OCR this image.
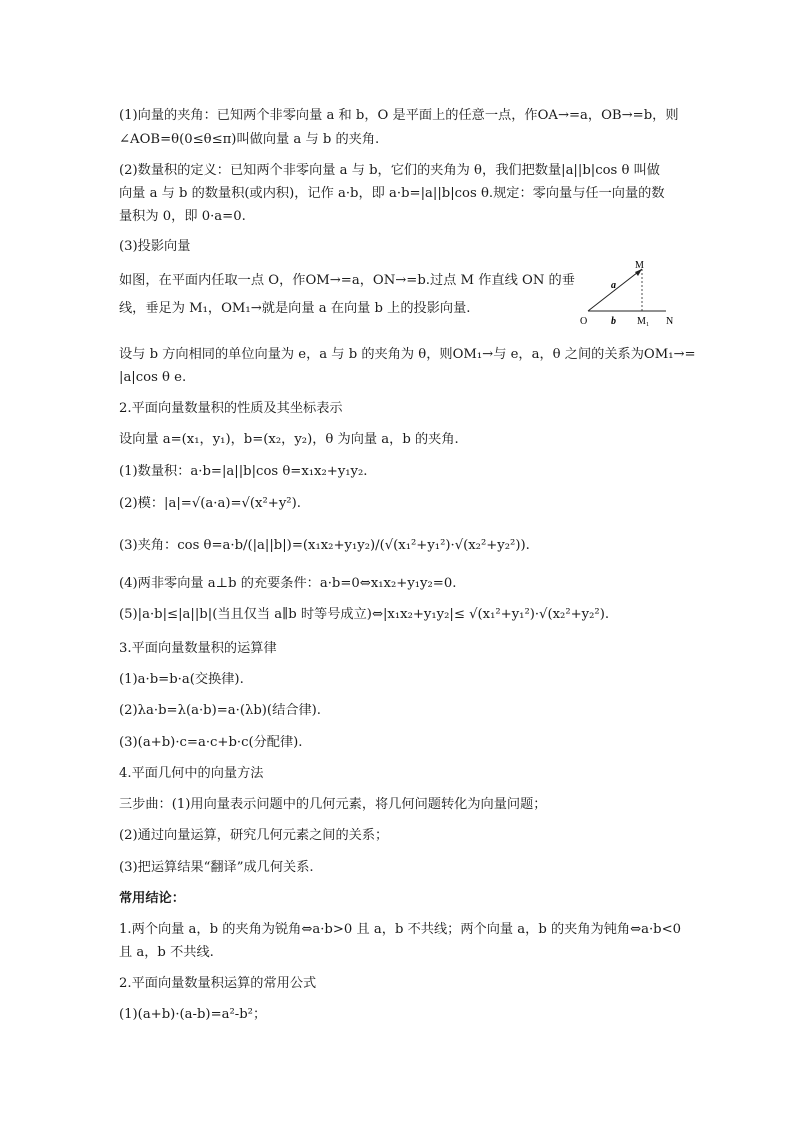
(1)向量的夹角：已知两个非零向量 a 和 b，O 是平面上的任意一点，作OA→=a，OB→=b，则
∠AOB=θ(0≤θ≤π)叫做向量 a 与 b 的夹角.
(2)数量积的定义：已知两个非零向量 a 与 b，它们的夹角为 θ，我们把数量|a||b|cos θ 叫做
向量 a 与 b 的数量积(或内积)，记作 a·b，即 a·b=|a||b|cos θ.规定：零向量与任一向量的数
量积为 0，即 0·a=0.
(3)投影向量
如图，在平面内任取一点 O，作OM→=a，ON→=b.过点 M 作直线 ON 的垂
线，垂足为 M₁，OM₁→就是向量 a 在向量 b 上的投影向量.
M
a
O b M₁ N
设与 b 方向相同的单位向量为 e，a 与 b 的夹角为 θ，则OM₁→与 e，a，θ 之间的关系为OM₁→=
|a|cos θ e.
2.平面向量数量积的性质及其坐标表示
设向量 a=(x₁，y₁)，b=(x₂，y₂)，θ 为向量 a，b 的夹角.
(1)数量积：a·b=|a||b|cos θ=x₁x₂+y₁y₂.
(2)模：|a|=√(a·a)=√(x²+y²).
(3)夹角：cos θ=a·b/(|a||b|)=(x₁x₂+y₁y₂)/(√(x₁²+y₁²)·√(x₂²+y₂²)).
(4)两非零向量 a⊥b 的充要条件：a·b=0⇔x₁x₂+y₁y₂=0.
(5)|a·b|≤|a||b|(当且仅当 a∥b 时等号成立)⇔|x₁x₂+y₁y₂|≤ √(x₁²+y₁²)·√(x₂²+y₂²).
3.平面向量数量积的运算律
(1)a·b=b·a(交换律).
(2)λa·b=λ(a·b)=a·(λb)(结合律).
(3)(a+b)·c=a·c+b·c(分配律).
4.平面几何中的向量方法
三步曲：(1)用向量表示问题中的几何元素，将几何问题转化为向量问题；
(2)通过向量运算，研究几何元素之间的关系；
(3)把运算结果“翻译”成几何关系.
常用结论：
1.两个向量 a，b 的夹角为锐角⇔a·b>0 且 a，b 不共线；两个向量 a，b 的夹角为钝角⇔a·b<0
且 a，b 不共线.
2.平面向量数量积运算的常用公式
(1)(a+b)·(a-b)=a²-b²；
